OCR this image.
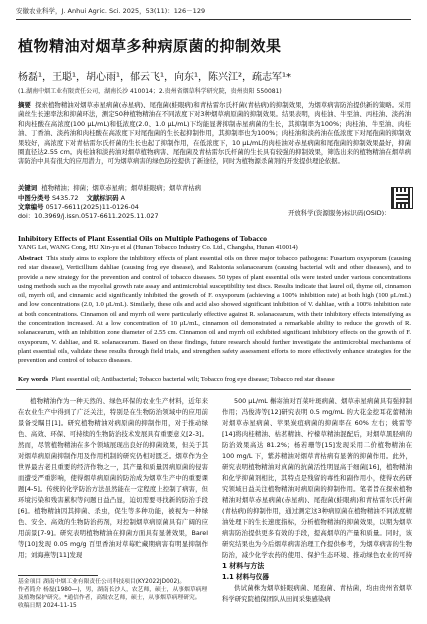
安徽农业科学，J. Anhui Agric. Sci. 2025，53(11)：126－129
植物精油对烟草多种病原菌的抑制效果
杨磊¹，王聪¹，胡心雨¹，郁云飞¹，向东¹，陈兴江²，疏志军¹*
(1.湖南中烟工业有限责任公司，湖南长沙 410014；2.贵州省烟草科学研究院，贵州贵阳 550081)
摘要 探索植物精油对烟草赤星病菌(赤星病)、尾孢菌(蛙眼病)和青枯雷尔氏杆菌(青枯病)的抑制效果，为烟草病害防治提供新的策略。采用菌丝生长速率法和抑菌环法，测定50种植物精油在不同浓度下对3种烟草病原菌的抑制效果。结果表明，肉桂油、牛至油、丙桂油、淡药油和肉桂酸在高浓度(100 μL/mL)和低浓度(2.0、1.0 μL/mL)下均能显著抑制赤星病菌的生长，其抑制率为100%；肉桂油、牛至油、肉桂油、丁香油、淡药油和肉桂酸在高浓度下对尾孢菌的生长起抑制作用，其抑制率也为100%；肉桂油和淡药油在低浓度下对尾孢菌的抑制效果较好，高浓度下对青枯雷尔氏杆菌的生长也起了抑制作用，在低浓度下，10 μL/mL的肉桂油对赤星病菌和尾孢菌的抑制效果最好，抑菌圈直径达2.55 cm。肉桂油和淡药油对烟草植物病害、尾孢菌及青枯雷尔氏杆菌的生长具有较强的抑制效果，筛选出来的植物精油在烟草病害防治中具有很大的应用潜力，可为烟草病害的绿色防控提供了新途径，同时为植物源杀菌剂的开发提供理论依据。
关键词 植物精油；抑菌；烟草赤星病；烟草蛙眼病；烟草青枯病
中图分类号 S435.72 文献标识码 A
文章编号 0517-6611(2025)11-0126-04
doi：10.3969/j.issn.0517-6611.2025.11.027	开放科学(资源服务)标识码(OSID)：
Inhibitory Effects of Plant Essential Oils on Multiple Pathogens of Tobacco
YANG Lei, WANG Cong, HU Xin-yu et al (Hunan Tobacco Industry Co. Ltd., Changsha, Hunan 410014)
Abstract This study aims to explore the inhibitory effects of plant essential oils on three major tobacco pathogens: Fusarium oxysporum (causing red star disease), Verticillium dahliae (causing frog eye disease), and Ralstonia solanacearum (causing bacterial wilt and other diseases), and to provide a new strategy for the prevention and control of tobacco diseases. 50 types of plant essential oils were tested under various concentrations using methods such as the mycelial growth rate assay and antimicrobial susceptibility test discs. Results indicate that laurel oil, thyme oil, cinnamon oil, myrrh oil, and cinnamic acid significantly inhibited the growth of F. oxysporum (achieving a 100% inhibition rate) at both high (100 μL/mL) and low concentrations (2.0, 1.0 μL/mL). Similarly, these oils and acid also showed significant inhibition of V. dahliae, with a 100% inhibition rate at both concentrations. Cinnamon oil and myrrh oil were particularly effective against R. solanacearum, with their inhibitory effects intensifying as the concentration increased. At a low concentration of 10 μL/mL, cinnamon oil demonstrated a remarkable ability to reduce the growth of R. solanacearum, with an inhibition zone diameter of 2.55 cm. Cinnamon oil and myrrh oil exhibited significant inhibitory effects on the growth of F. oxysporum, V. dahliae, and R. solanacearum. Based on these findings, future research should further investigate the antimicrobial mechanisms of plant essential oils, validate these results through field trials, and strengthen safety assessment efforts to more effectively enhance strategies for the prevention and control of tobacco diseases.
Key words Plant essential oil; Antibacterial; Tobacco bacterial wilt; Tobacco frog eye disease; Tobacco red star disease
植物精油作为一种天然的、绿色环保的农业生产材料，近年来在农业生产中得到了广泛关注，特别是在生物防治领域中的应用前景备受瞩目[1]。研究植物精油对病原菌的抑制作用，对于推动绿色、高效、环保、可持续的生物防治技术发展具有重要意义[2-3]。然而，尽管植物精油在多个领域展现出良好的抑菌效果，但关于其对烟草病原菌抑制作用及作用机制的研究仍相对匮乏。烟草作为全世界最古老且重要的经济作物之一，其产量和质量因病原菌的侵害而遭受严重影响，使得烟草病原菌的防治成为烟草生产中的重要课题[4-5]。传统的化学防治方法虽然能在一定程度上控制了病害，但环境污染和残害累积等问题日益凸显，迫切需要寻找新的防治手段[6]。植物精油因其抑菌、杀虫，促生等多种功能，被视为一种绿色、安全、高效的生物防治药剂，对控制烟草病原菌具有广阔的应用前景[7-9]。研究表明植物精油在抑菌方面具有显著效果，Barel 等[10]发现 0.05 mg/g 百里香油对草莓贮藏期病害有明显抑制作用；刘海燕等[11]发现
500 μL/mL 槲寄油对百菜叶斑病菌、烟草赤星病菌具有强抑制作用；冯俊涛等[12]研究表明 0.5 mg/mL 的大花金挖耳花蕾精油对烟草赤星病菌、苹果炭疽病菌的抑菌率在 60% 左右；姚雷等[14]将肉桂精油、枯茗精油、柠檬草精油混配后，对烟草黑胫病的防治效果高达 81.2%；杨若珊等[15]发现采用二价植物精油在 100 mg/L 下，紫苏精油对烟草青枯病有显著的抑菌作用。此外，研究表明植物精油对真菌的抗菌活性明显高于细菌[16]，植物精油和化学抑菌剂相比，其特点是残留的毒性和副作用小，使得农药研究领域日益关注植物精油对病原菌的抑制作用。笔者旨在探索植物精油对烟草赤星病菌(赤星病)、尾孢菌(蛙眼病)和青枯雷尔氏杆菌(青枯病)的抑制作用，通过测定这3种病原菌在植物精油不同浓度精油处理下的生长速度指标，分析植物精油的抑菌效果，以期为烟草病害防治提供更多有效的手段，提高烟草的产量和质量。同时，该研究结果也为今后烟草病害治理工作提供参考，为烟草病害的生物防治，减少化学农药的使用、保护生态环境、推动绿色农业的可持
1 材料与方法
1.1 材料与仪器
供试菌株为烟草蛙眼病菌、尾孢菌、青枯菌，均由贵州省烟草科学研究院植保团队从田间采集感染病
基金项目 湖南中烟工业有限责任公司科技项目(KY2022JD002)。
作者简介 杨磊(1980—)，男，湖南长沙人，农艺师，硕士，从事烟草病理及植物保护研究。*通信作者，高级农艺师，硕士，从事烟草病理研究。
收稿日期 2024-11-15
